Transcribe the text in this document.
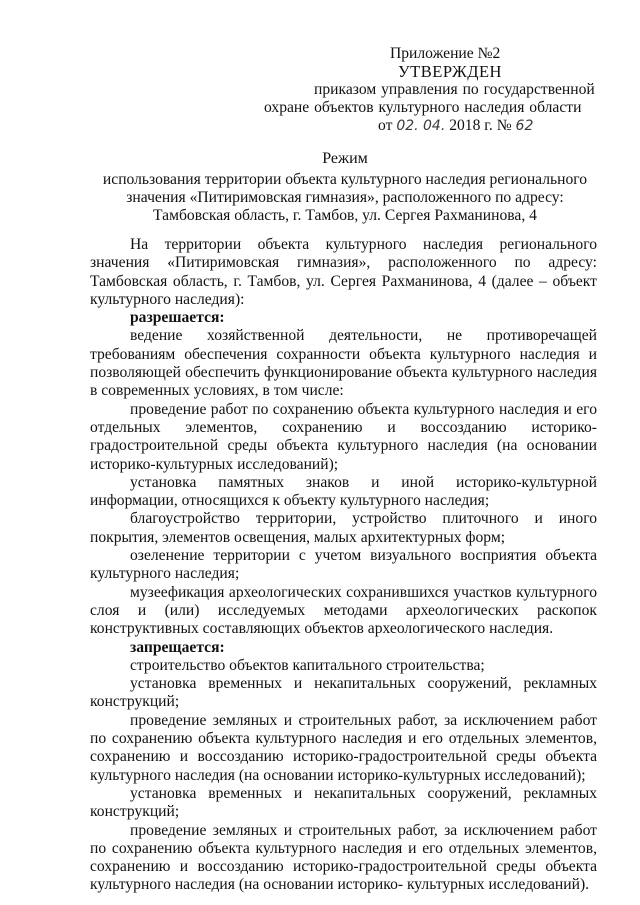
Приложение №2
УТВЕРЖДЕН
приказом управления по государственной
охране объектов культурного наследия области
от 02. 04. 2018 г. № 62
Режим
использования территории объекта культурного наследия регионального
значения «Питиримовская гимназия», расположенного по адресу:
Тамбовская область, г. Тамбов, ул. Сергея Рахманинова, 4

На территории объекта культурного наследия регионального значения «Питиримовская гимназия», расположенного по адресу: Тамбовская область, г. Тамбов, ул. Сергея Рахманинова, 4 (далее – объект культурного наследия):

разрешается:

ведение хозяйственной деятельности, не противоречащей требованиям обеспечения сохранности объекта культурного наследия и позволяющей обеспечить функционирование объекта культурного наследия в современных условиях, в том числе:

проведение работ по сохранению объекта культурного наследия и его отдельных элементов, сохранению и воссозданию историко-градостроительной среды объекта культурного наследия (на основании историко-культурных исследований);

установка памятных знаков и иной историко-культурной информации, относящихся к объекту культурного наследия;

благоустройство территории, устройство плиточного и иного покрытия, элементов освещения, малых архитектурных форм;

озеленение территории с учетом визуального восприятия объекта культурного наследия;

музеефикация археологических сохранившихся участков культурного слоя и (или) исследуемых методами археологических раскопок конструктивных составляющих объектов археологического наследия.

запрещается:

строительство объектов капитального строительства;

установка временных и некапитальных сооружений, рекламных конструкций;

проведение земляных и строительных работ, за исключением работ по сохранению объекта культурного наследия и его отдельных элементов, сохранению и воссозданию историко-градостроительной среды объекта культурного наследия (на основании историко-культурных исследований);

установка временных и некапитальных сооружений, рекламных конструкций;

проведение земляных и строительных работ, за исключением работ по сохранению объекта культурного наследия и его отдельных элементов, сохранению и воссозданию историко-градостроительной среды объекта культурного наследия (на основании историко- культурных исследований).
